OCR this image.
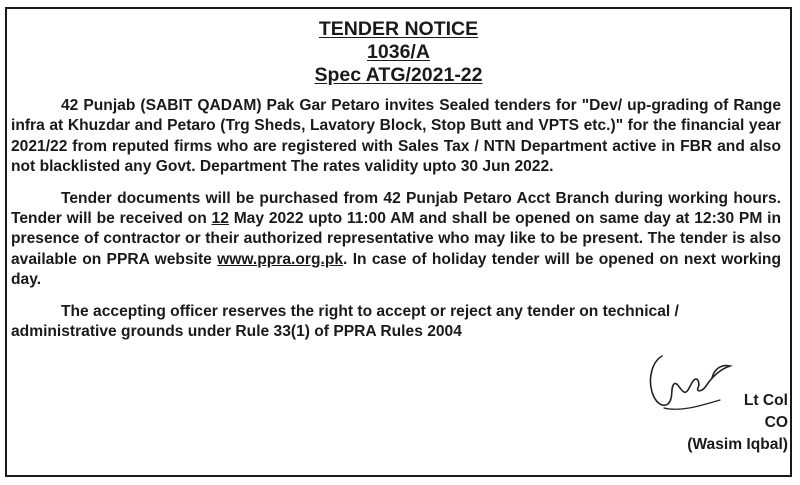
TENDER NOTICE
1036/A
Spec ATG/2021-22

42 Punjab (SABIT QADAM) Pak Gar Petaro invites Sealed tenders for "Dev/ up-grading of Range infra at Khuzdar and Petaro (Trg Sheds, Lavatory Block, Stop Butt and VPTS etc.)" for the financial year 2021/22 from reputed firms who are registered with Sales Tax / NTN Department active in FBR and also not blacklisted any Govt. Department The rates validity upto 30 Jun 2022.

Tender documents will be purchased from 42 Punjab Petaro Acct Branch during working hours. Tender will be received on 12 May 2022 upto 11:00 AM and shall be opened on same day at 12:30 PM in presence of contractor or their authorized representative who may like to be present. The tender is also available on PPRA website www.ppra.org.pk. In case of holiday tender will be opened on next working day.

The accepting officer reserves the right to accept or reject any tender on technical / administrative grounds under Rule 33(1) of PPRA Rules 2004

Lt Col
CO
(Wasim Iqbal)
